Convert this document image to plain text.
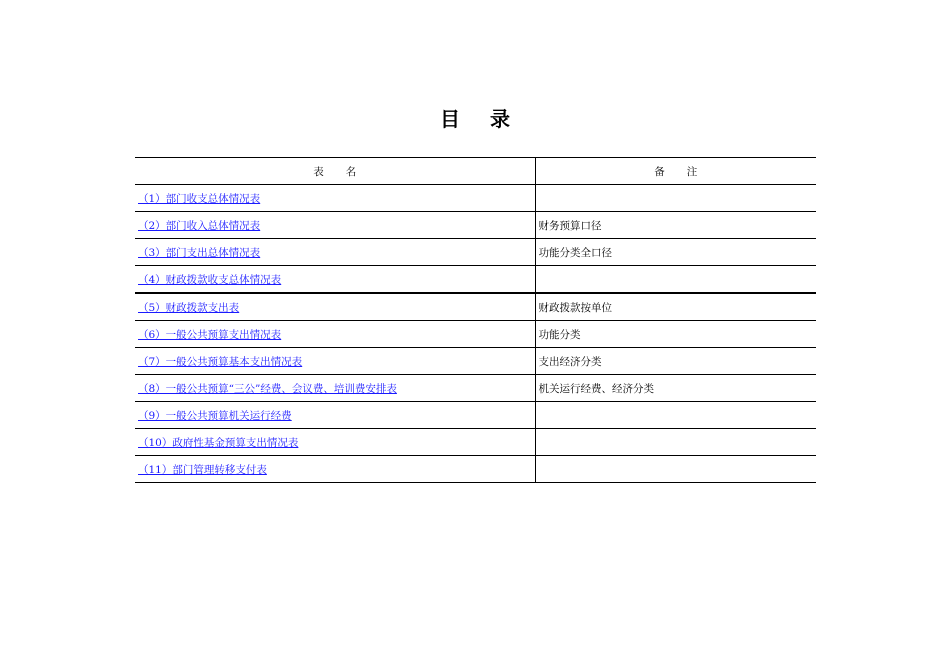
目 录
表 名	备 注
（1）部门收支总体情况表	
（2）部门收入总体情况表	财务预算口径
（3）部门支出总体情况表	功能分类全口径
（4）财政拨款收支总体情况表	
（5）财政拨款支出表	财政拨款按单位
（6）一般公共预算支出情况表	功能分类
（7）一般公共预算基本支出情况表	支出经济分类
（8）一般公共预算“三公”经费、会议费、培训费安排表	机关运行经费、经济分类
（9）一般公共预算机关运行经费	
（10）政府性基金预算支出情况表	
（11）部门管理转移支付表	
